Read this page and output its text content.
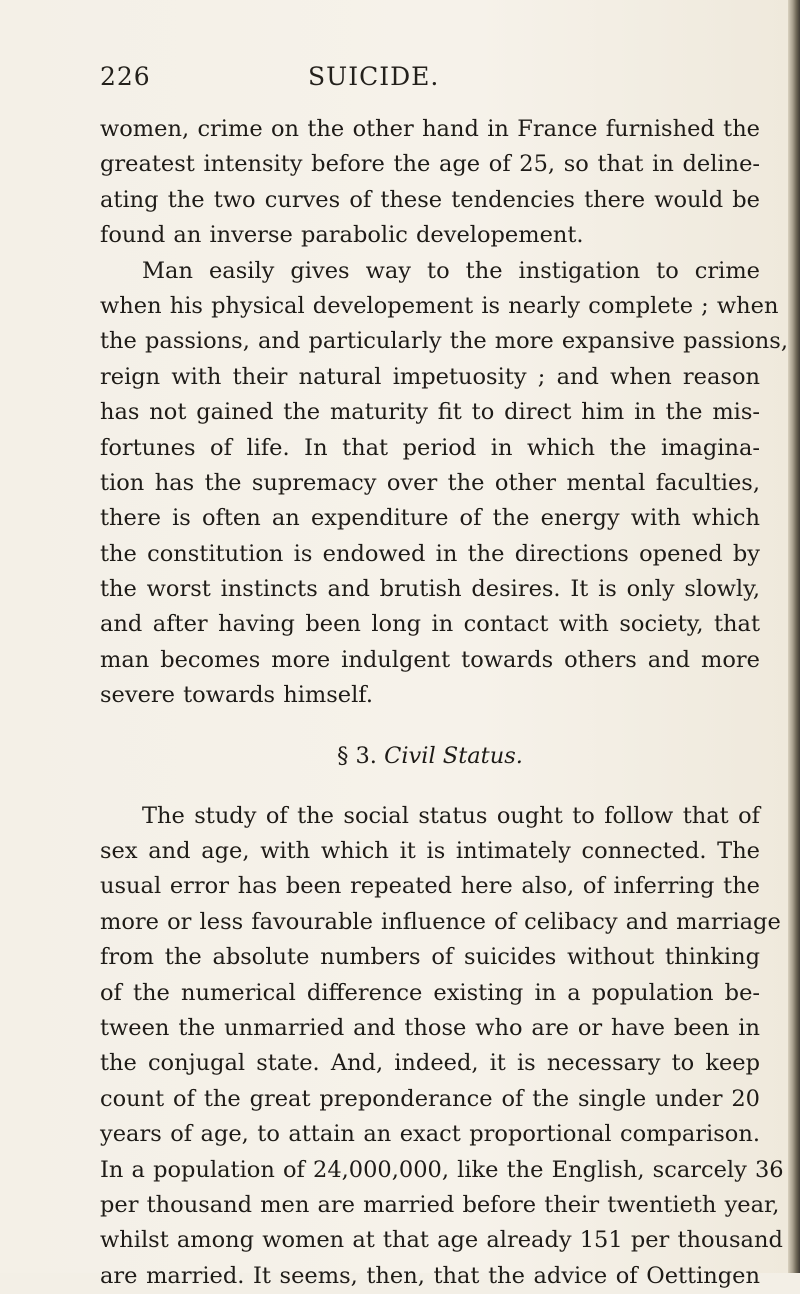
226	SUICIDE.
women, crime on the other hand in France furnished the
greatest intensity before the age of 25, so that in deline-
ating the two curves of these tendencies there would be
found an inverse parabolic developement.
Man easily gives way to the instigation to crime
when his physical developement is nearly complete ; when
the passions, and particularly the more expansive passions,
reign with their natural impetuosity ; and when reason
has not gained the maturity fit to direct him in the mis-
fortunes of life. In that period in which the imagina-
tion has the supremacy over the other mental faculties,
there is often an expenditure of the energy with which
the constitution is endowed in the directions opened by
the worst instincts and brutish desires. It is only slowly,
and after having been long in contact with society, that
man becomes more indulgent towards others and more
severe towards himself.
§ 3. Civil Status.
The study of the social status ought to follow that of
sex and age, with which it is intimately connected. The
usual error has been repeated here also, of inferring the
more or less favourable influence of celibacy and marriage
from the absolute numbers of suicides without thinking
of the numerical difference existing in a population be-
tween the unmarried and those who are or have been in
the conjugal state. And, indeed, it is necessary to keep
count of the great preponderance of the single under 20
years of age, to attain an exact proportional comparison.
In a population of 24,000,000, like the English, scarcely 36
per thousand men are married before their twentieth year,
whilst among women at that age already 151 per thousand
are married. It seems, then, that the advice of Oettingen
